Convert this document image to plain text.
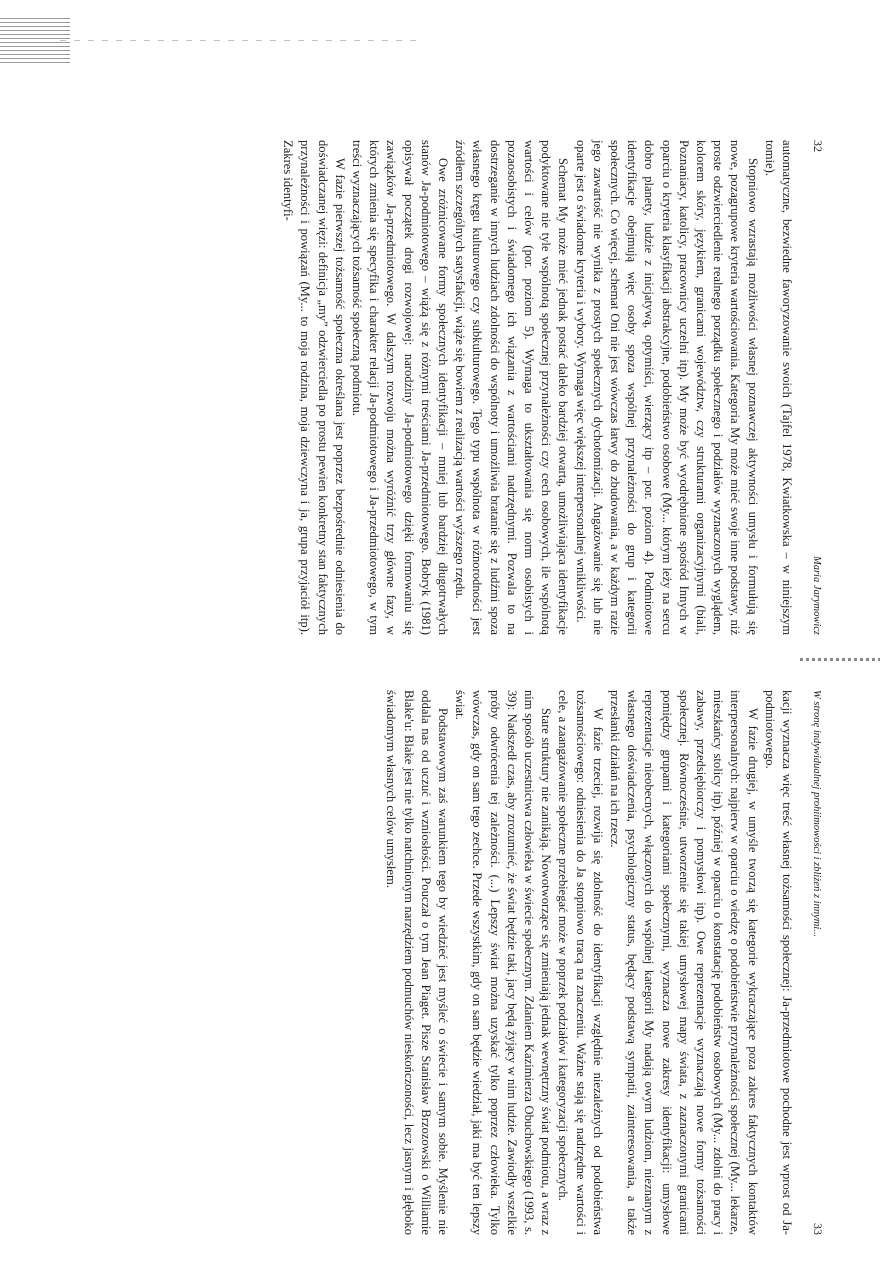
32
Maria Jarymowicz

automatyczne, bezwiedne faworyzowanie swoich (Tajfel 1978, Kwiatkowska – w niniejszym tomie).

Stopniowo wzrastają możliwości własnej poznawczej aktywności umysłu i formułują się nowe, pozagrupowe kryteria wartościowania. Kategoria My może mieć swoje inne podstawy, niż proste odzwierciedlenie realnego porządku społecznego i podziałów wyznaczonych wyglądem, kolorem skóry, językiem, granicami województw, czy strukturami organizacyjnymi (biali, Poznaniacy, katolicy, pracownicy uczelni itp). My może być wyodrębnione spośród Innych w oparciu o kryteria klasyfikacji abstrakcyjne, podobieństwo osobowe (My... którym leży na sercu dobro planety, ludzie z inicjatywą, optymiści, wierzący itp – por. poziom 4). Podmiotowe identyfikacje obejmują więc osoby spoza wspólnej przynależności do grup i kategorii społecznych. Co więcej, schemat Oni nie jest wówczas łatwy do zbudowania, a w każdym razie jego zawartość nie wynika z prostych społecznych dychotomizacji. Angażowanie się lub nie oparte jest o świadome kryteria i wybory. Wymaga więc większej interpersonalnej wnikliwości.

Schemat My może mieć jednak postać daleko bardziej otwartą, umożliwiająca identyfikacje podyktowane nie tyle wspólnotą społecznej przynależności czy cech osobowych, ile wspólnotą wartości i celów (por. poziom 5). Wymaga to ukształtowania się norm osobistych i pozaosobistych i świadomego ich wiązania z wartościami nadrzędnymi. Pozwala to na dostrzeganie w innych ludziach zdolności do wspólnoty i umożliwia bratanie się z ludźmi spoza własnego kręgu kulturowego czy subkulturowego. Tego typu wspólnota w różnorodności jest źródłem szczególnych satysfakcji, wiąże się bowiem z realizacją wartości wyższego rzędu.

Owe zróżnicowane formy społecznych identyfikacji – mniej lub bardziej długotrwałych stanów Ja-podmiotowego – wiążą się z różnymi treściami Ja-przedmiotowego. Bobryk (1981) opisywał początek drogi rozwojowej: narodziny Ja-podmiotowego dzięki formowaniu się zawiązków Ja-przedmiotowego. W dalszym rozwoju można wyróżnić trzy główne fazy, w których zmienia się specyfika i charakter relacji Ja-podmiotowego i Ja-przedmiotowego, w tym treści wyznaczających tożsamość społeczną podmiotu.

W fazie pierwszej tożsamość społeczna określana jest poprzez bezpośrednie odniesienia do doświadczanej więzi: definicja „my” odzwierciedla po prostu pewien konkretny stan faktycznych przynależności i powiązań (My... to moja rodzina, moja dziewczyna i ja, grupa przyjaciół itp). Zakres identyfi-

W stronę indywidualnej prohiimowości i zbliżeń z innymi...
33

kacji wyznacza więc treść własnej tożsamości społecznej: Ja-przedmiotowe pochodne jest wprost od Ja-podmiotowego.

W fazie drugiej, w umyśle tworzą się kategorie wykraczające poza zakres faktycznych kontaktów interpersonalnych: najpierw w oparciu o wiedzę o podobieństwie przynależności społecznej (My... lekarze, mieszkańcy stolicy itp), później w oparciu o konstatację podobieństw osobowych (My... zdolni do pracy i zabawy, przedsiębiorczy i pomysłowi itp). Owe reprezentacje wyznaczają nowe formy tożsamości społecznej. Równocześnie, utworzenie się takiej umysłowej mapy świata, z zaznaczonymi granicami pomiędzy grupami i kategoriami społecznymi, wyznacza nowe zakresy identyfikacji: umysłowe reprezentacje nieobecnych, włączonych do wspólnej kategorii My nadają owym ludziom, nieznanym z własnego doświadczenia, psychologiczny status, będący podstawą sympatii, zainteresowania, a także przesłanki działań na ich rzecz.

W fazie trzeciej, rozwija się zdolność do identyfikacji względnie niezależnych od podobieństwa tożsamościowego: odniesienia do Ja stopniowo tracą na znaczeniu. Ważne stają się nadrzędne wartości i cele, a zaangażowanie społeczne przebiegać może w poprzek podziałów i kategoryzacji społecznych.

Stare struktury nie zanikają. Nowotworzące się zmieniają jednak wewnętrzny świat podmiotu, a wraz z nim sposób uczestnictwa człowieka w świecie społecznym. Zdaniem Kazimierza Obuchowskiego (1993, s. 39): Nadszedł czas, aby zrozumieć, że świat będzie taki, jacy będą żyjący w nim ludzie. Zawiodły wszelkie próby odwrócenia tej zależności. (...) Lepszy świat można uzyskać tylko poprzez człowieka. Tylko wówczas, gdy on sam tego zechce. Przede wszystkim, gdy on sam będzie wiedział, jaki ma być ten lepszy świat.

Podstawowym zaś warunkiem tego by wiedzieć jest myśleć o świecie i samym sobie. Myślenie nie oddala nas od uczuć i wzniosłości. Pouczał o tym Jean Piaget. Pisze Stanisław Brzozowski o Williamie Blake'u: Blake jest nie tylko natchnionym narzędziem podmuchów nieskończoności, lecz jasnym i głęboko świadomym własnych celów umysłem.
